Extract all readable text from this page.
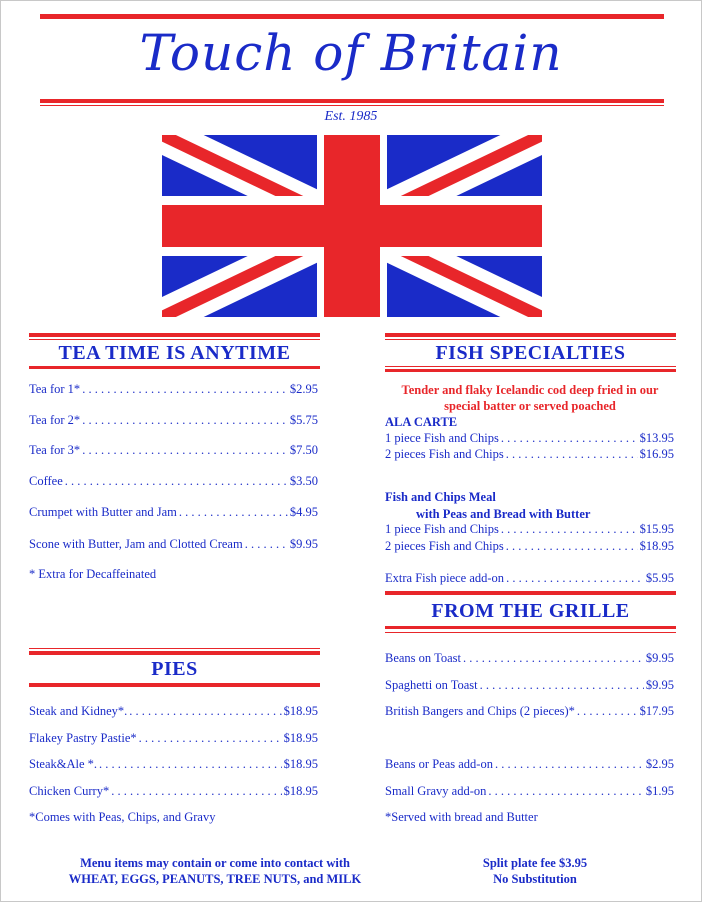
Touch of Britain
Est. 1985
TEA TIME IS ANYTIME
Tea for 1* . . .	$2.95
Tea for 2* . . .	$5.75
Tea for 3* . . .	$7.50
Coffee . . .	$3.50
Crumpet with Butter and Jam . . .	$4.95
Scone with Butter, Jam and Clotted Cream . . .	$9.95
* Extra for Decaffeinated
PIES
Steak and Kidney*. . . .	$18.95
Flakey Pastry Pastie* . . .	$18.95
Steak&Ale *. . . .	$18.95
Chicken Curry* . . .	$18.95
*Comes with Peas, Chips, and Gravy
FISH SPECIALTIES
Tender and flaky Icelandic cod deep fried in our
special batter or served poached
ALA CARTE
1 piece Fish and Chips . . .	$13.95
2 pieces Fish and Chips . . .	$16.95
Fish and Chips Meal
with Peas and Bread with Butter
1 piece Fish and Chips . . .	$15.95
2 pieces Fish and Chips . . .	$18.95
Extra Fish piece add-on . . .	$5.95
FROM THE GRILLE
Beans on Toast . . .	$9.95
Spaghetti on Toast . . .	$9.95
British Bangers and Chips (2 pieces)* . . .	$17.95
Beans or Peas add-on . . .	$2.95
Small Gravy add-on . . .	$1.95
*Served with bread and Butter
Menu items may contain or come into contact with
WHEAT, EGGS, PEANUTS, TREE NUTS, and MILK
Split plate fee $3.95
No Substitution
